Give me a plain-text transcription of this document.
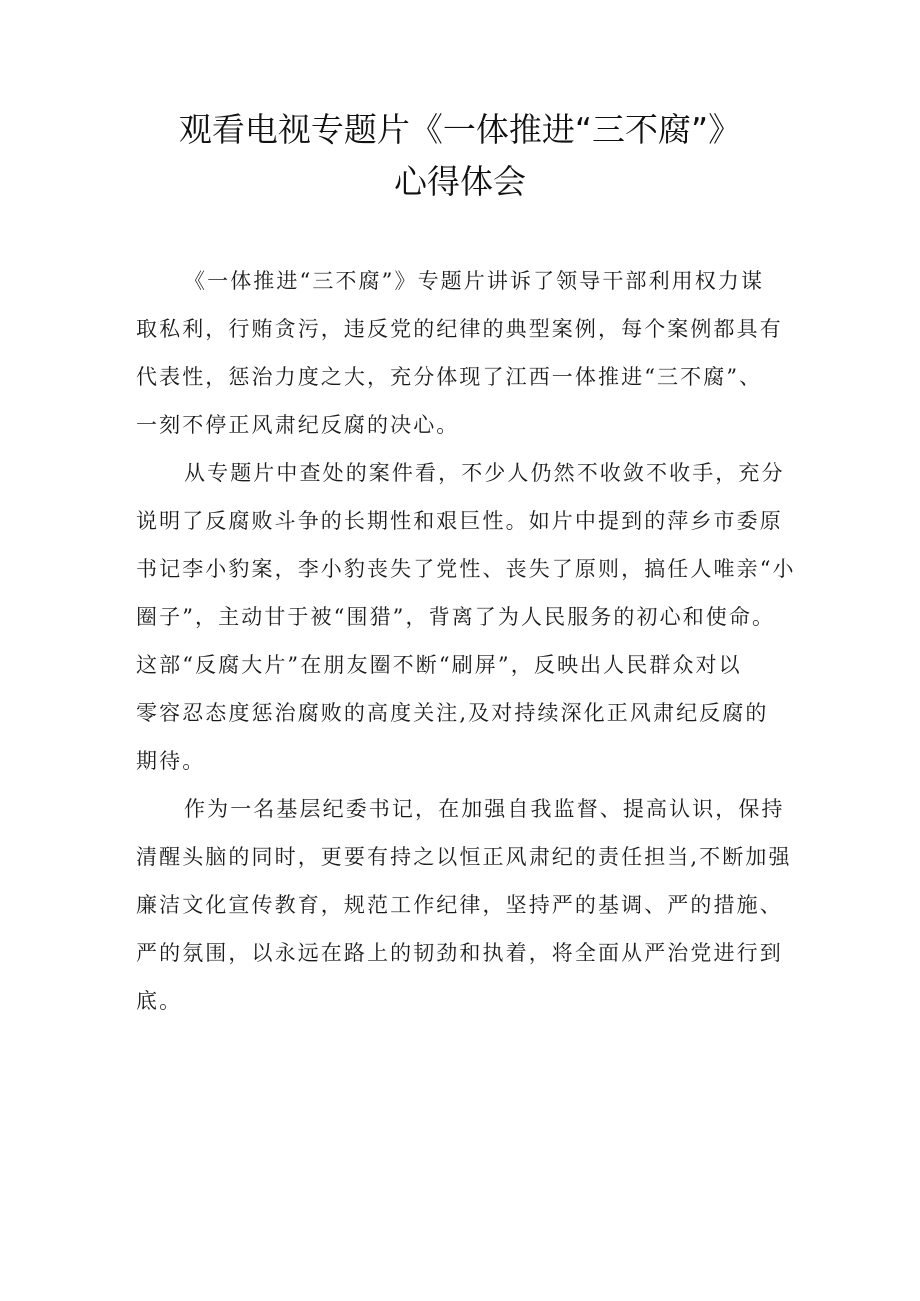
观看电视专题片《一体推进“三不腐”》
心得体会
《一体推进“三不腐”》专题片讲诉了领导干部利用权力谋
取私利，行贿贪污，违反党的纪律的典型案例，每个案例都具有
代表性，惩治力度之大，充分体现了江西一体推进“三不腐”、
一刻不停正风肃纪反腐的决心。
从专题片中查处的案件看，不少人仍然不收敛不收手，充分
说明了反腐败斗争的长期性和艰巨性。如片中提到的萍乡市委原
书记李小豹案，李小豹丧失了党性、丧失了原则，搞任人唯亲“小
圈子”，主动甘于被“围猎”，背离了为人民服务的初心和使命。
这部“反腐大片”在朋友圈不断“刷屏”，反映出人民群众对以
零容忍态度惩治腐败的高度关注,及对持续深化正风肃纪反腐的
期待。
作为一名基层纪委书记，在加强自我监督、提高认识，保持
清醒头脑的同时，更要有持之以恒正风肃纪的责任担当,不断加强
廉洁文化宣传教育，规范工作纪律，坚持严的基调、严的措施、
严的氛围，以永远在路上的韧劲和执着，将全面从严治党进行到
底。
